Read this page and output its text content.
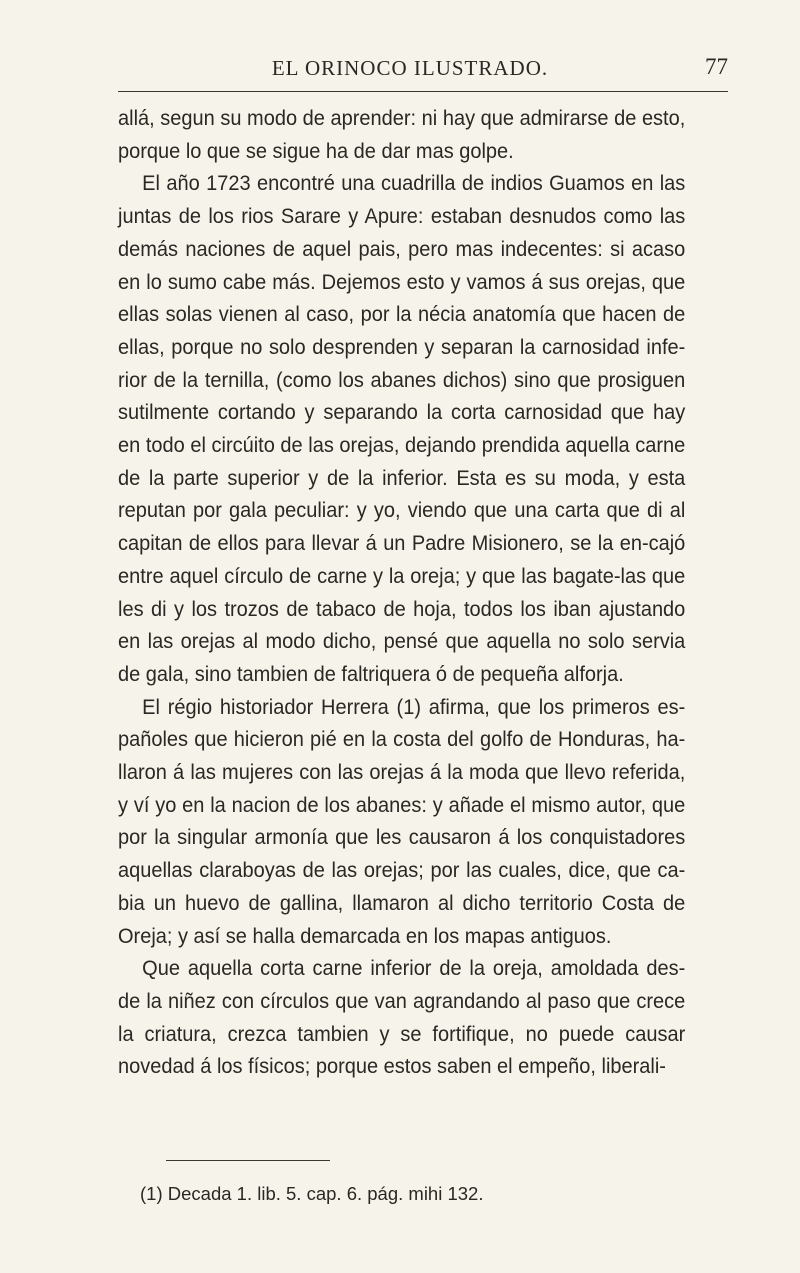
EL ORINOCO ILUSTRADO.	77

allá, segun su modo de aprender: ni hay que admirarse de esto, porque lo que se sigue ha de dar mas golpe.

El año 1723 encontré una cuadrilla de indios Guamos en las juntas de los rios Sarare y Apure: estaban desnudos como las demás naciones de aquel pais, pero mas indecentes: si acaso en lo sumo cabe más. Dejemos esto y vamos á sus orejas, que ellas solas vienen al caso, por la nécia anatomía que hacen de ellas, porque no solo desprenden y separan la carnosidad infe-rior de la ternilla, (como los abanes dichos) sino que prosiguen sutilmente cortando y separando la corta carnosidad que hay en todo el circúito de las orejas, dejando prendida aquella carne de la parte superior y de la inferior. Esta es su moda, y esta reputan por gala peculiar: y yo, viendo que una carta que di al capitan de ellos para llevar á un Padre Misionero, se la en-cajó entre aquel círculo de carne y la oreja; y que las bagate-las que les di y los trozos de tabaco de hoja, todos los iban ajustando en las orejas al modo dicho, pensé que aquella no solo servia de gala, sino tambien de faltriquera ó de pequeña alforja.

El régio historiador Herrera (1) afirma, que los primeros es-pañoles que hicieron pié en la costa del golfo de Honduras, ha-llaron á las mujeres con las orejas á la moda que llevo referida, y ví yo en la nacion de los abanes: y añade el mismo autor, que por la singular armonía que les causaron á los conquistadores aquellas claraboyas de las orejas; por las cuales, dice, que ca-bia un huevo de gallina, llamaron al dicho territorio Costa de Oreja; y así se halla demarcada en los mapas antiguos.

Que aquella corta carne inferior de la oreja, amoldada des-de la niñez con círculos que van agrandando al paso que crece la criatura, crezca tambien y se fortifique, no puede causar novedad á los físicos; porque estos saben el empeño, liberali-

(1) Decada 1. lib. 5. cap. 6. pág. mihi 132.
